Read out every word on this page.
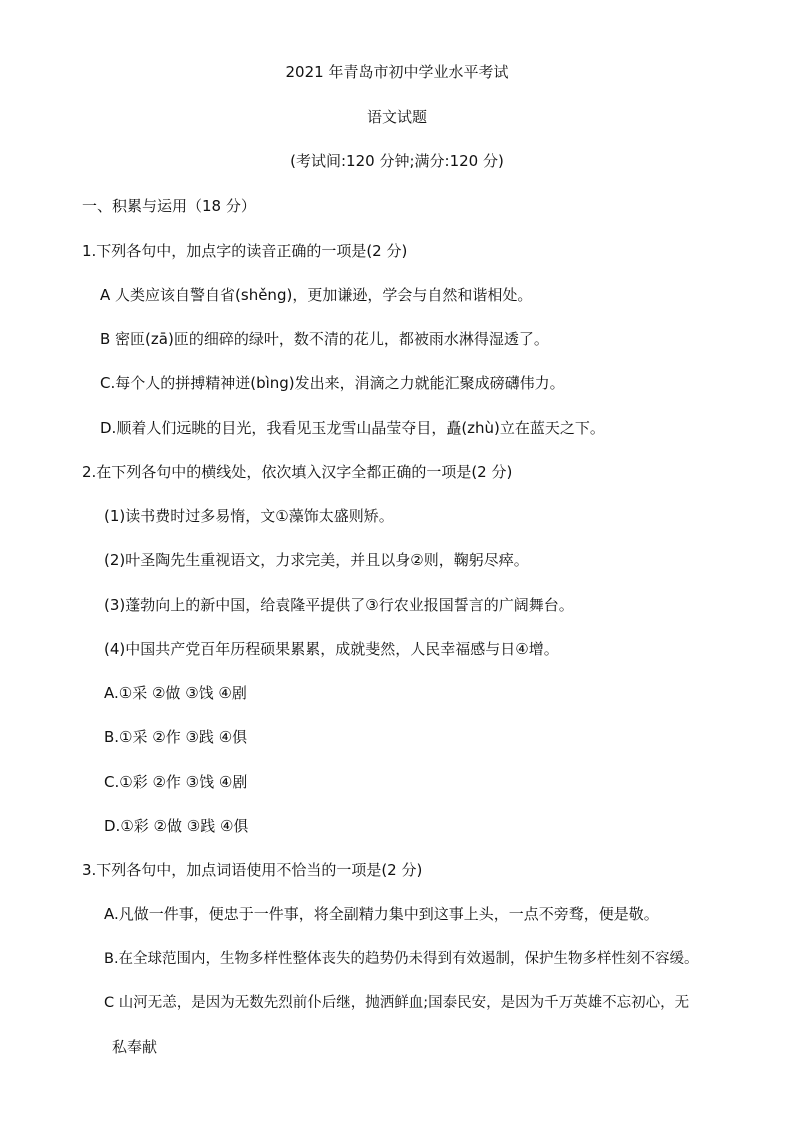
2021 年青岛市初中学业水平考试
语文试题
(考试间:120 分钟;满分:120 分)
一、积累与运用（18 分）
1.下列各句中，加点字的读音正确的一项是(2 分)
A 人类应该自警自省(shěng)，更加谦逊，学会与自然和谐相处。
B 密匝(zā)匝的细碎的绿叶，数不清的花儿，都被雨水淋得湿透了。
C.每个人的拼搏精神迸(bìng)发出来，涓滴之力就能汇聚成磅礴伟力。
D.顺着人们远眺的目光，我看见玉龙雪山晶莹夺目，矗(zhù)立在蓝天之下。
2.在下列各句中的横线处，依次填入汉字全都正确的一项是(2 分)
(1)读书费时过多易惰，文①藻饰太盛则矫。
(2)叶圣陶先生重视语文，力求完美，并且以身②则，鞠躬尽瘁。
(3)蓬勃向上的新中国，给袁隆平提供了③行农业报国誓言的广阔舞台。
(4)中国共产党百年历程硕果累累，成就斐然，人民幸福感与日④增。
A.①采 ②做 ③饯 ④剧
B.①采 ②作 ③践 ④俱
C.①彩 ②作 ③饯 ④剧
D.①彩 ②做 ③践 ④俱
3.下列各句中，加点词语使用不恰当的一项是(2 分)
A.凡做一件事，便忠于一件事，将全副精力集中到这事上头，一点不旁骛，便是敬。
B.在全球范围内，生物多样性整体丧失的趋势仍未得到有效遏制，保护生物多样性刻不容缓。
C 山河无恙，是因为无数先烈前仆后继，抛洒鲜血;国泰民安，是因为千万英雄不忘初心，无
私奉献
